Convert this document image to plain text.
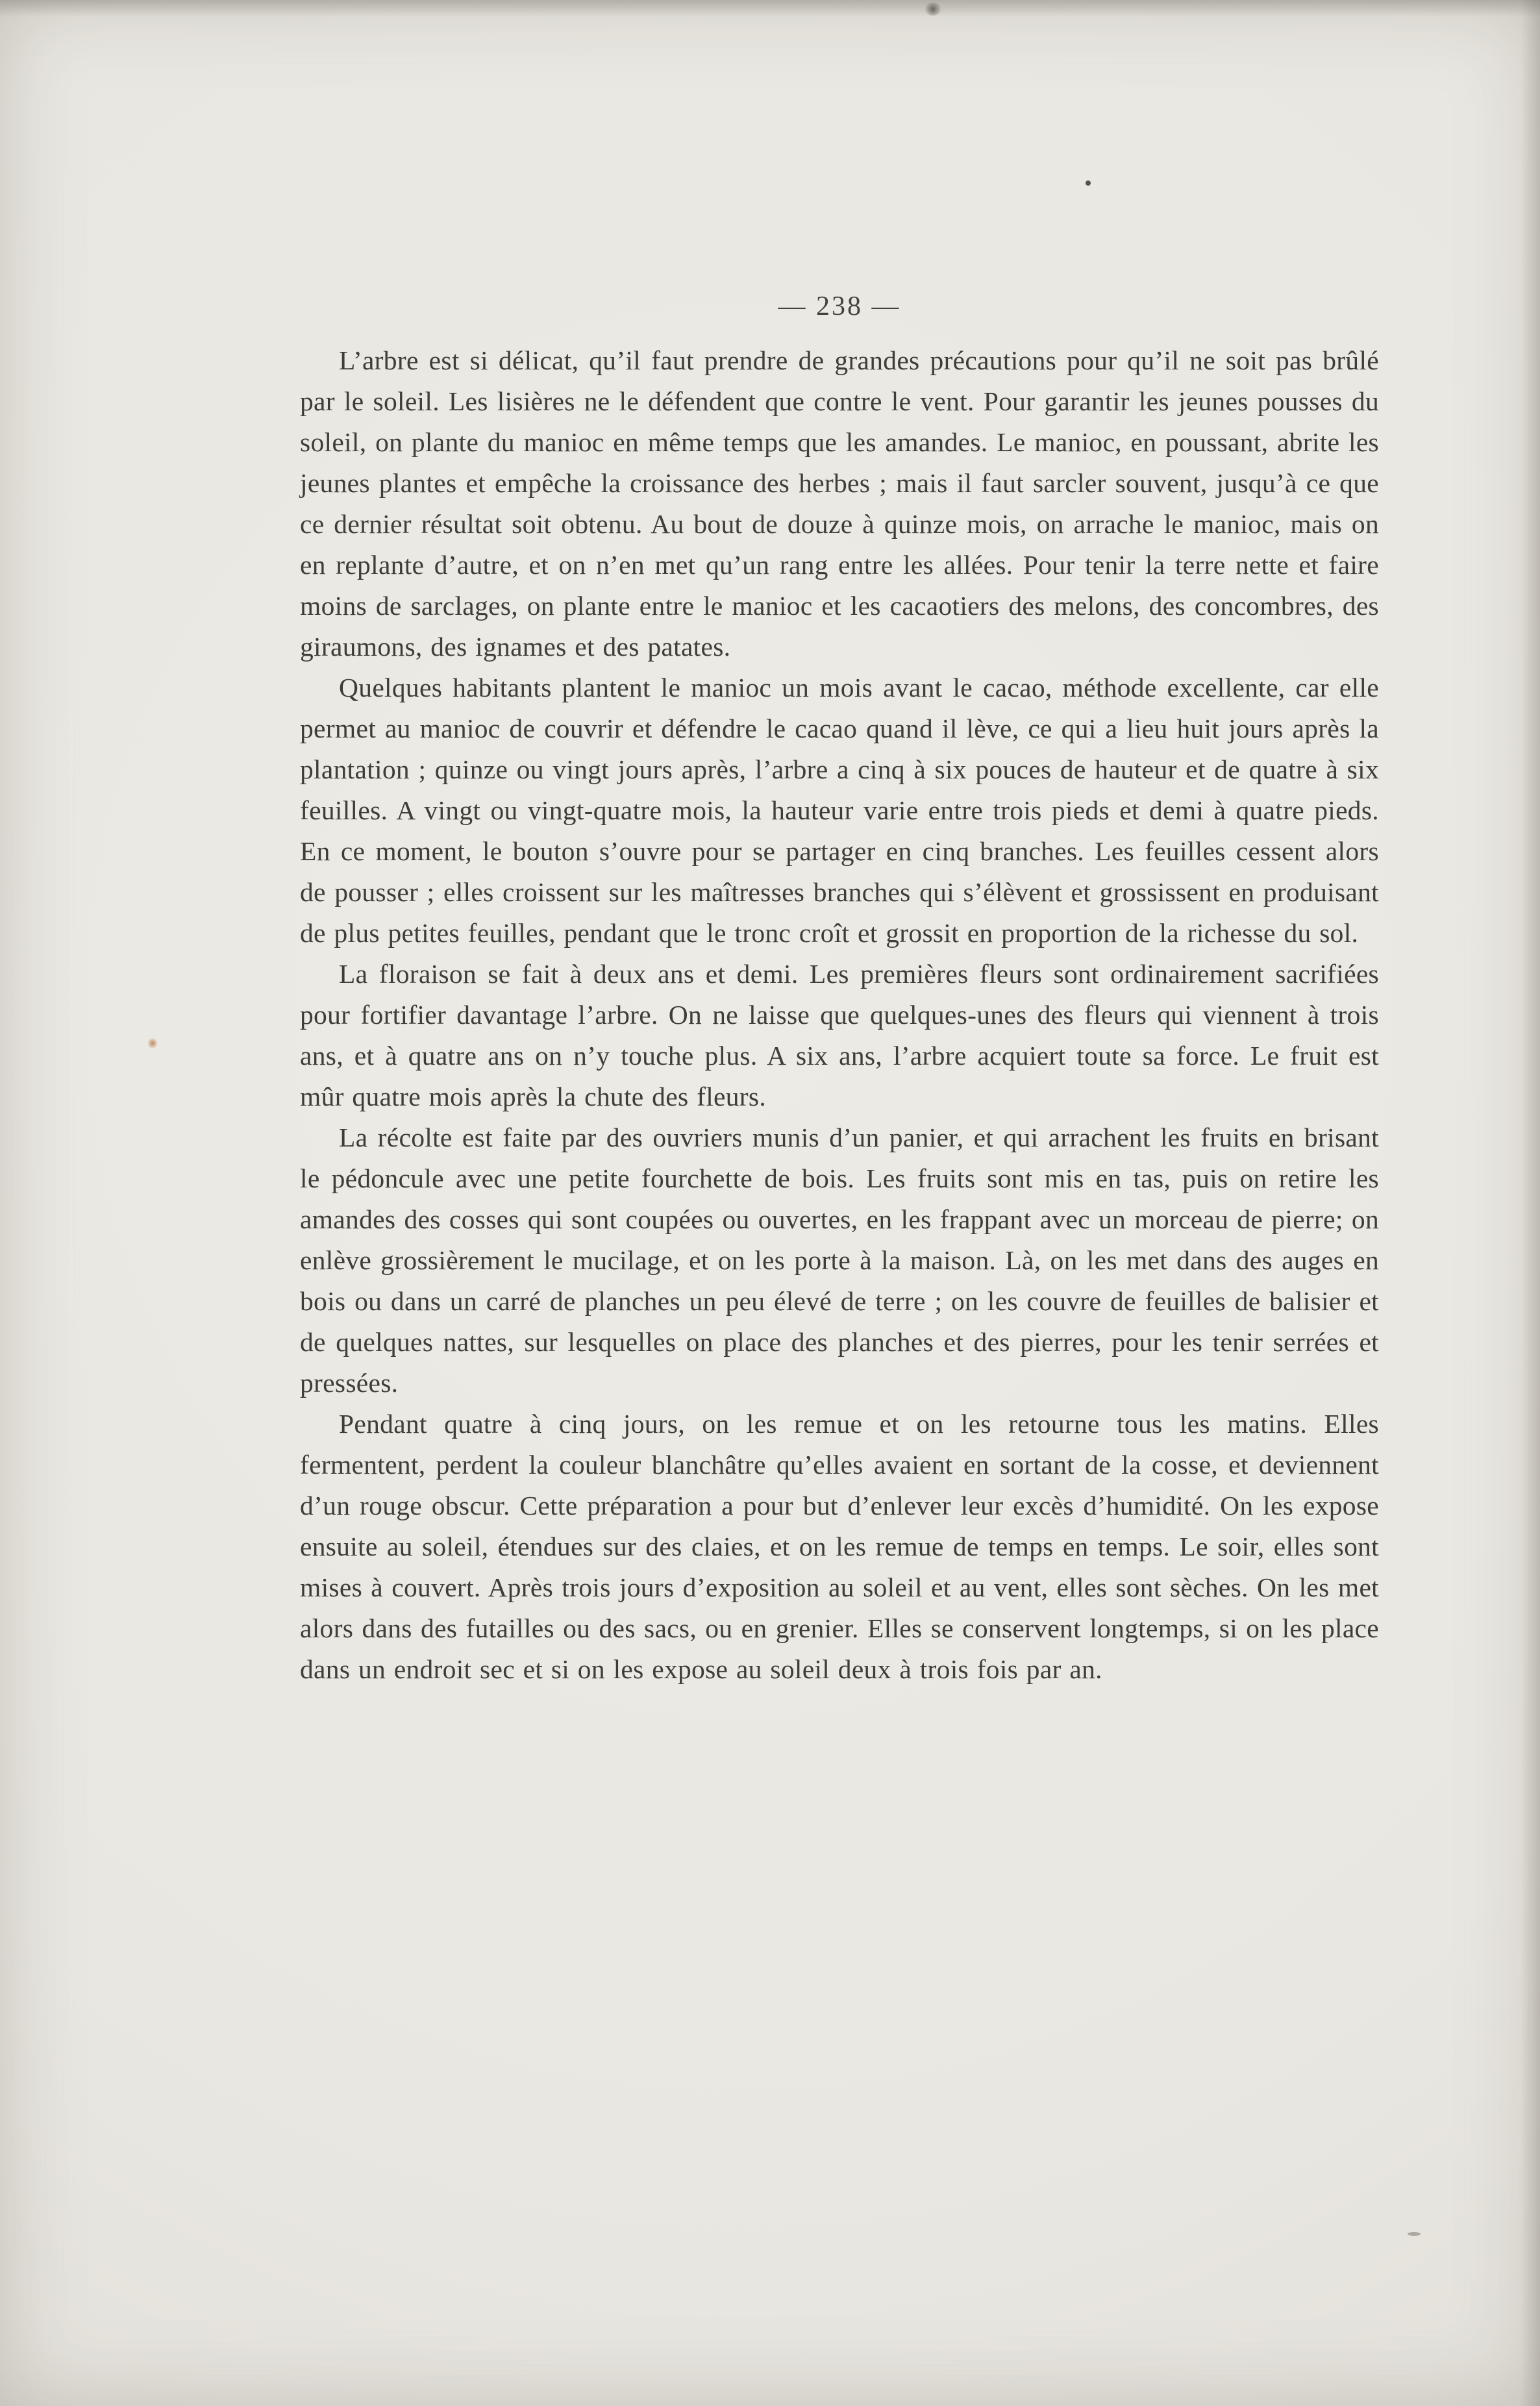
— 238 —

L’arbre est si délicat, qu’il faut prendre de grandes précautions pour qu’il ne soit pas brûlé par le soleil. Les lisières ne le défendent que contre le vent. Pour garantir les jeunes pousses du soleil, on plante du manioc en même temps que les amandes. Le manioc, en poussant, abrite les jeunes plantes et empêche la croissance des herbes ; mais il faut sarcler souvent, jusqu’à ce que ce dernier résultat soit obtenu. Au bout de douze à quinze mois, on arrache le manioc, mais on en replante d’autre, et on n’en met qu’un rang entre les allées. Pour tenir la terre nette et faire moins de sarclages, on plante entre le manioc et les cacaotiers des melons, des concombres, des giraumons, des ignames et des patates.

Quelques habitants plantent le manioc un mois avant le cacao, méthode excellente, car elle permet au manioc de couvrir et défendre le cacao quand il lève, ce qui a lieu huit jours après la plantation ; quinze ou vingt jours après, l’arbre a cinq à six pouces de hauteur et de quatre à six feuilles. A vingt ou vingt-quatre mois, la hauteur varie entre trois pieds et demi à quatre pieds. En ce moment, le bouton s’ouvre pour se partager en cinq branches. Les feuilles cessent alors de pousser ; elles croissent sur les maîtresses branches qui s’élèvent et grossissent en produisant de plus petites feuilles, pendant que le tronc croît et grossit en proportion de la richesse du sol.

La floraison se fait à deux ans et demi. Les premières fleurs sont ordinairement sacrifiées pour fortifier davantage l’arbre. On ne laisse que quelques-unes des fleurs qui viennent à trois ans, et à quatre ans on n’y touche plus. A six ans, l’arbre acquiert toute sa force. Le fruit est mûr quatre mois après la chute des fleurs.

La récolte est faite par des ouvriers munis d’un panier, et qui arrachent les fruits en brisant le pédoncule avec une petite fourchette de bois. Les fruits sont mis en tas, puis on retire les amandes des cosses qui sont coupées ou ouvertes, en les frappant avec un morceau de pierre; on enlève grossièrement le mucilage, et on les porte à la maison. Là, on les met dans des auges en bois ou dans un carré de planches un peu élevé de terre ; on les couvre de feuilles de balisier et de quelques nattes, sur lesquelles on place des planches et des pierres, pour les tenir serrées et pressées.

Pendant quatre à cinq jours, on les remue et on les retourne tous les matins. Elles fermentent, perdent la couleur blanchâtre qu’elles avaient en sortant de la cosse, et deviennent d’un rouge obscur. Cette préparation a pour but d’enlever leur excès d’humidité. On les expose ensuite au soleil, étendues sur des claies, et on les remue de temps en temps. Le soir, elles sont mises à couvert. Après trois jours d’exposition au soleil et au vent, elles sont sèches. On les met alors dans des futailles ou des sacs, ou en grenier. Elles se conservent longtemps, si on les place dans un endroit sec et si on les expose au soleil deux à trois fois par an.
